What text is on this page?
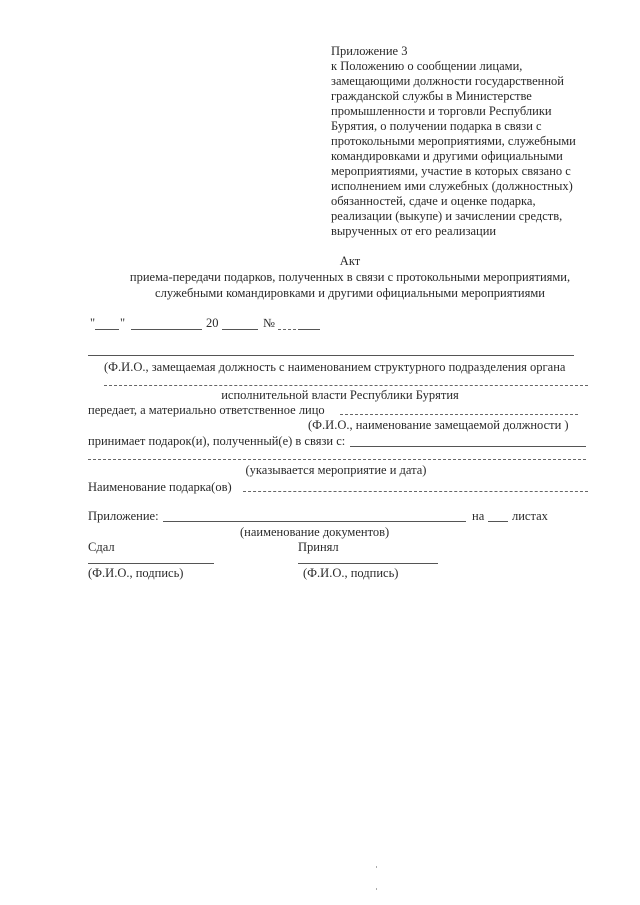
Приложение 3
к Положению о сообщении лицами,
замещающими должности государственной
гражданской службы в Министерстве
промышленности и торговли Республики
Бурятия, о получении подарка в связи с
протокольными мероприятиями, служебными
командировками и другими официальными
мероприятиями, участие в которых связано с
исполнением ими служебных (должностных)
обязанностей, сдаче и оценке подарка,
реализации (выкупе) и зачислении средств,
вырученных от его реализации
Акт
приема-передачи подарков, полученных в связи с протокольными мероприятиями,
служебными командировками и другими официальными мероприятиями
" "	20	№
(Ф.И.О., замещаемая должность с наименованием структурного подразделения органа
исполнительной власти Республики Бурятия
передает, а материально ответственное лицо
(Ф.И.О., наименование замещаемой должности )
принимает подарок(и), полученный(е) в связи с:
(указывается мероприятие и дата)
Наименование подарка(ов)
Приложение:	на листах
(наименование документов)
Сдал	Принял
(Ф.И.О., подпись)	(Ф.И.О., подпись)
